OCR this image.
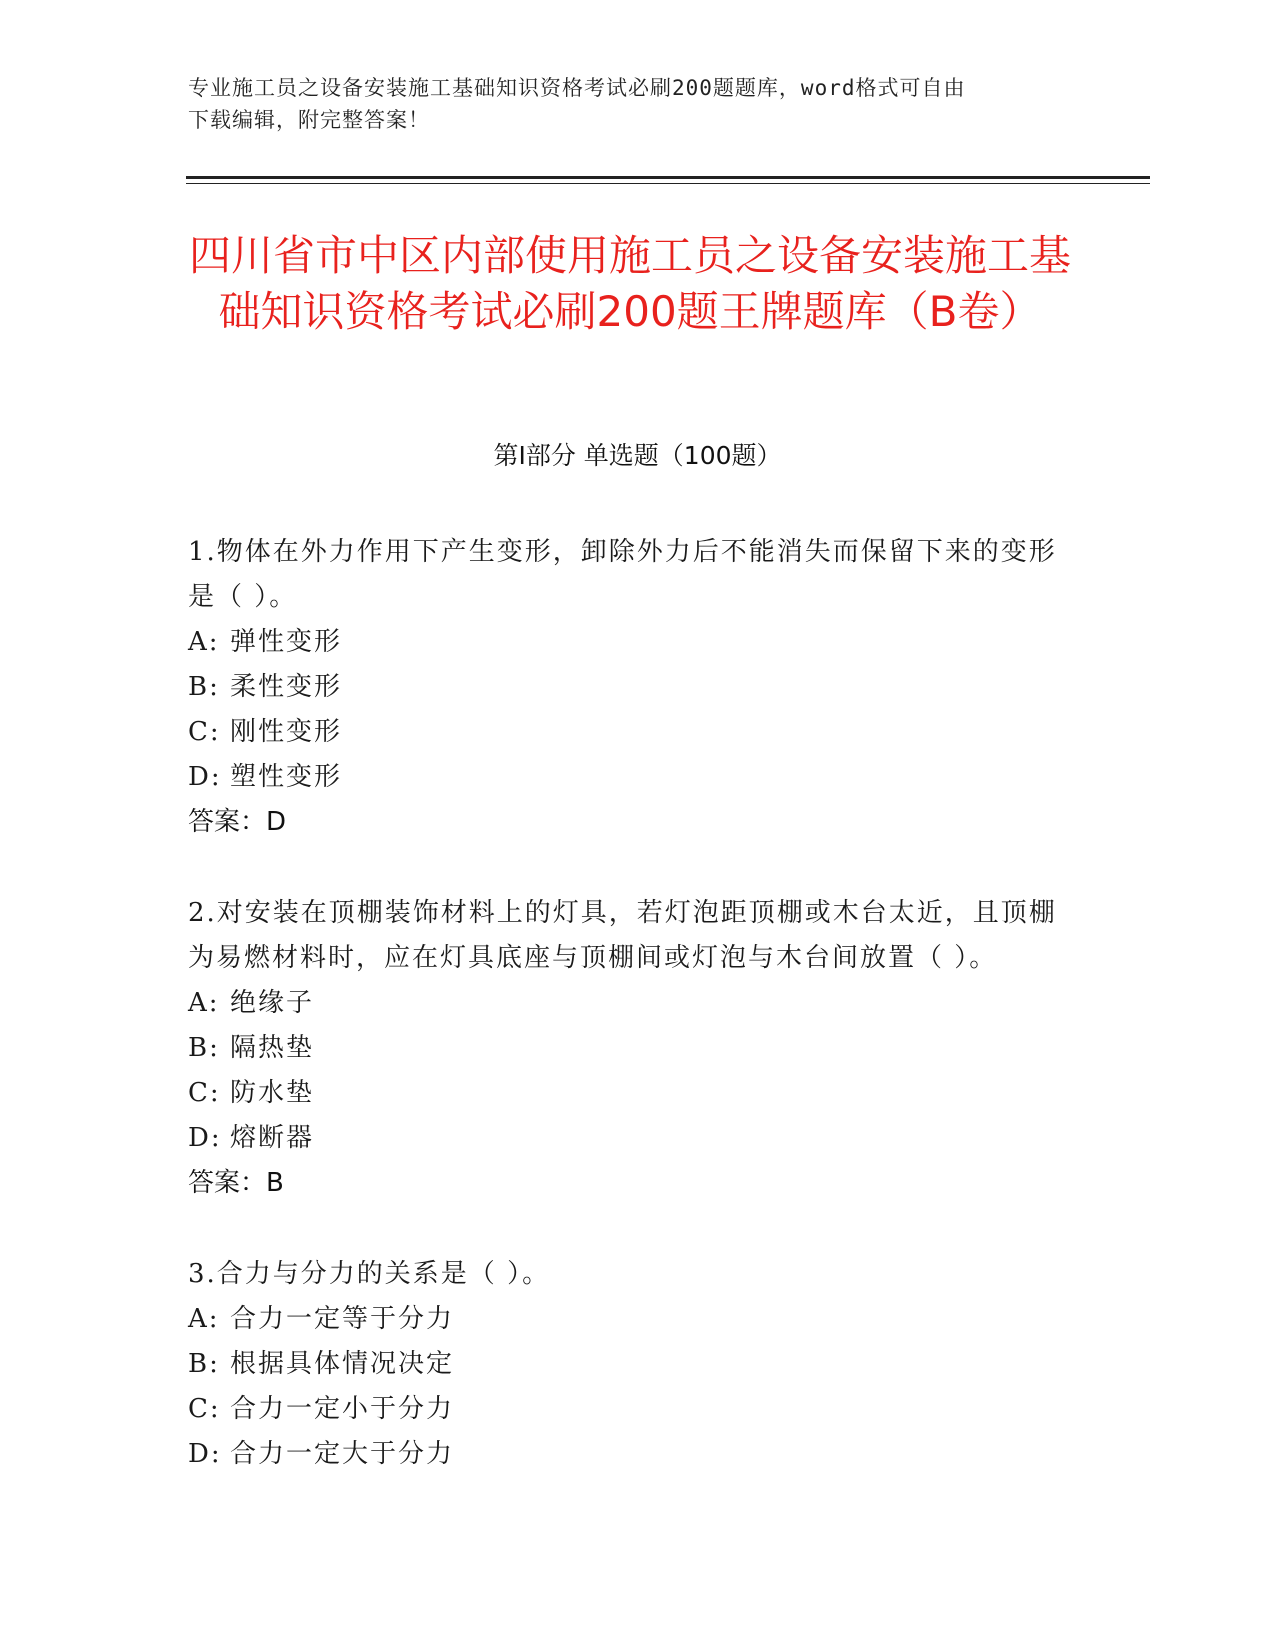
专业施工员之设备安装施工基础知识资格考试必刷200题题库，word格式可自由
下载编辑，附完整答案！
四川省市中区内部使用施工员之设备安装施工基础知识资格考试必刷200题王牌题库（B卷）
第Ⅰ部分 单选题（100题）
1.物体在外力作用下产生变形，卸除外力后不能消失而保留下来的变形是（ ）。
A: 弹性变形
B: 柔性变形
C: 刚性变形
D: 塑性变形
答案：D
2.对安装在顶棚装饰材料上的灯具，若灯泡距顶棚或木台太近，且顶棚为易燃材料时，应在灯具底座与顶棚间或灯泡与木台间放置（ ）。
A: 绝缘子
B: 隔热垫
C: 防水垫
D: 熔断器
答案：B
3.合力与分力的关系是（ ）。
A: 合力一定等于分力
B: 根据具体情况决定
C: 合力一定小于分力
D: 合力一定大于分力
